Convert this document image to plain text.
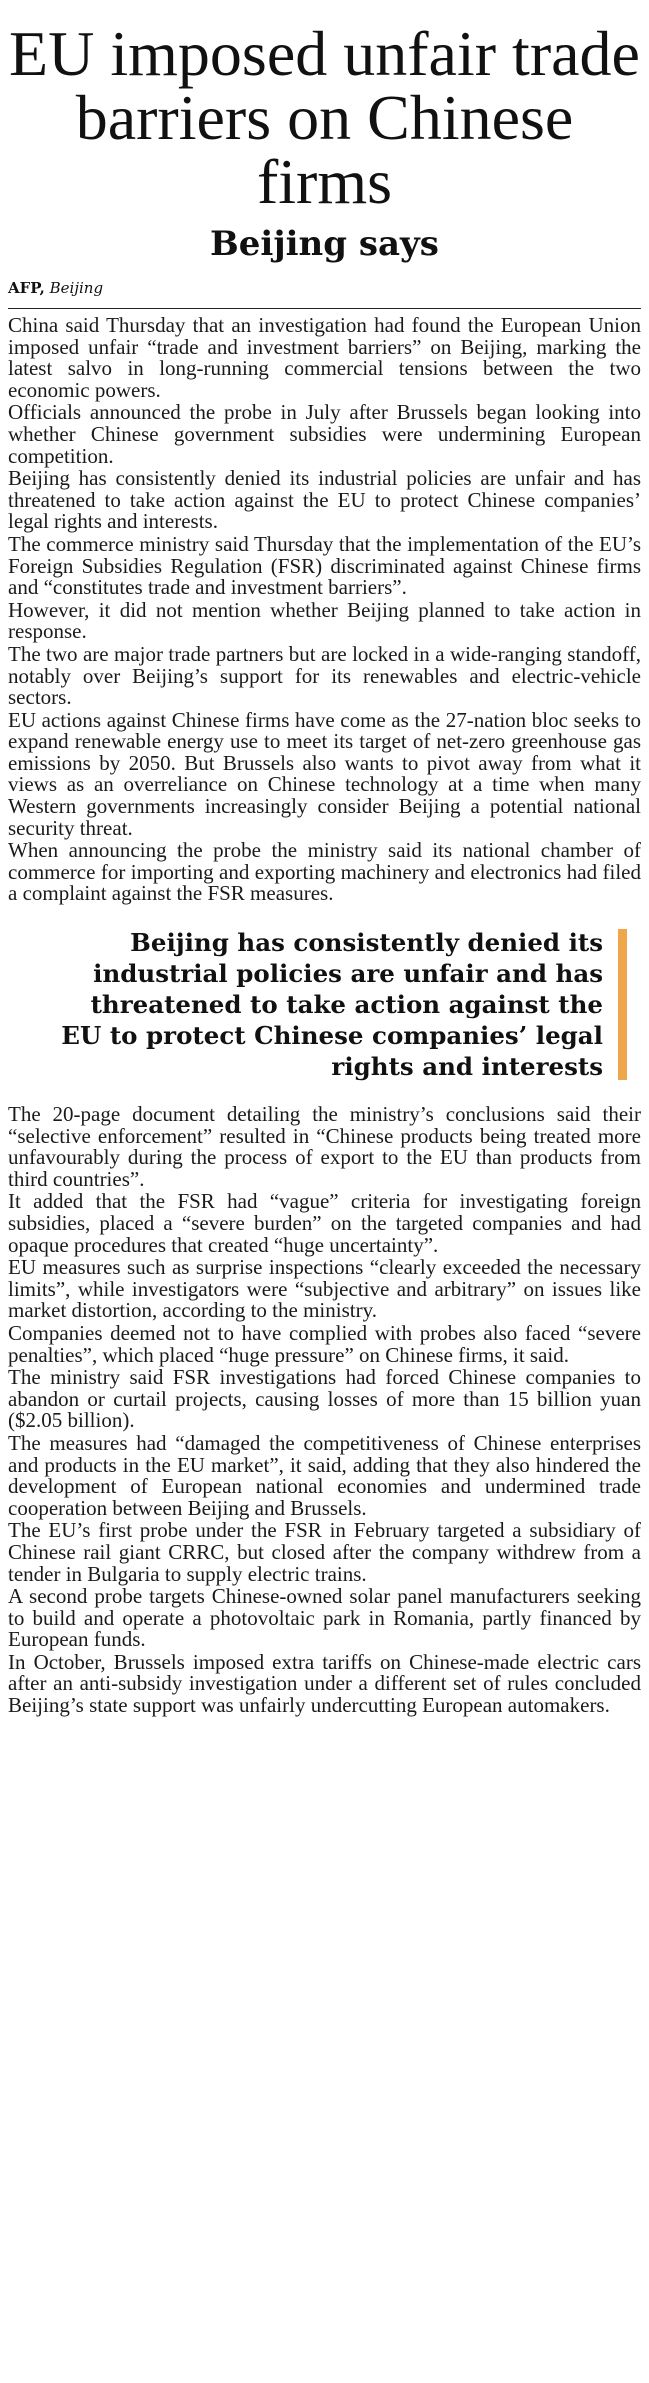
EU imposed unfair trade barriers on Chinese firms
Beijing says
AFP, Beijing

China said Thursday that an investigation had found the European Union imposed unfair “trade and investment barriers” on Beijing, marking the latest salvo in long-running commercial tensions between the two economic powers.

Officials announced the probe in July after Brussels began looking into whether Chinese government subsidies were undermining European competition.

Beijing has consistently denied its industrial policies are unfair and has threatened to take action against the EU to protect Chinese companies’ legal rights and interests.

The commerce ministry said Thursday that the implementation of the EU’s Foreign Subsidies Regulation (FSR) discriminated against Chinese firms and “constitutes trade and investment barriers”.

However, it did not mention whether Beijing planned to take action in response.

The two are major trade partners but are locked in a wide-ranging standoff, notably over Beijing’s support for its renewables and electric-vehicle sectors.

EU actions against Chinese firms have come as the 27-nation bloc seeks to expand renewable energy use to meet its target of net-zero greenhouse gas emissions by 2050. But Brussels also wants to pivot away from what it views as an overreliance on Chinese technology at a time when many Western governments increasingly consider Beijing a potential national security threat.

When announcing the probe the ministry said its national chamber of commerce for importing and exporting machinery and electronics had filed a complaint against the FSR measures.

Beijing has consistently denied its industrial policies are unfair and has threatened to take action against the EU to protect Chinese companies’ legal rights and interests

The 20-page document detailing the ministry’s conclusions said their “selective enforcement” resulted in “Chinese products being treated more unfavourably during the process of export to the EU than products from third countries”.

It added that the FSR had “vague” criteria for investigating foreign subsidies, placed a “severe burden” on the targeted companies and had opaque procedures that created “huge uncertainty”.

EU measures such as surprise inspections “clearly exceeded the necessary limits”, while investigators were “subjective and arbitrary” on issues like market distortion, according to the ministry.

Companies deemed not to have complied with probes also faced “severe penalties”, which placed “huge pressure” on Chinese firms, it said.

The ministry said FSR investigations had forced Chinese companies to abandon or curtail projects, causing losses of more than 15 billion yuan ($2.05 billion).

The measures had “damaged the competitiveness of Chinese enterprises and products in the EU market”, it said, adding that they also hindered the development of European national economies and undermined trade cooperation between Beijing and Brussels.

The EU’s first probe under the FSR in February targeted a subsidiary of Chinese rail giant CRRC, but closed after the company withdrew from a tender in Bulgaria to supply electric trains.

A second probe targets Chinese-owned solar panel manufacturers seeking to build and operate a photovoltaic park in Romania, partly financed by European funds.

In October, Brussels imposed extra tariffs on Chinese-made electric cars after an anti-subsidy investigation under a different set of rules concluded Beijing’s state support was unfairly undercutting European automakers.
